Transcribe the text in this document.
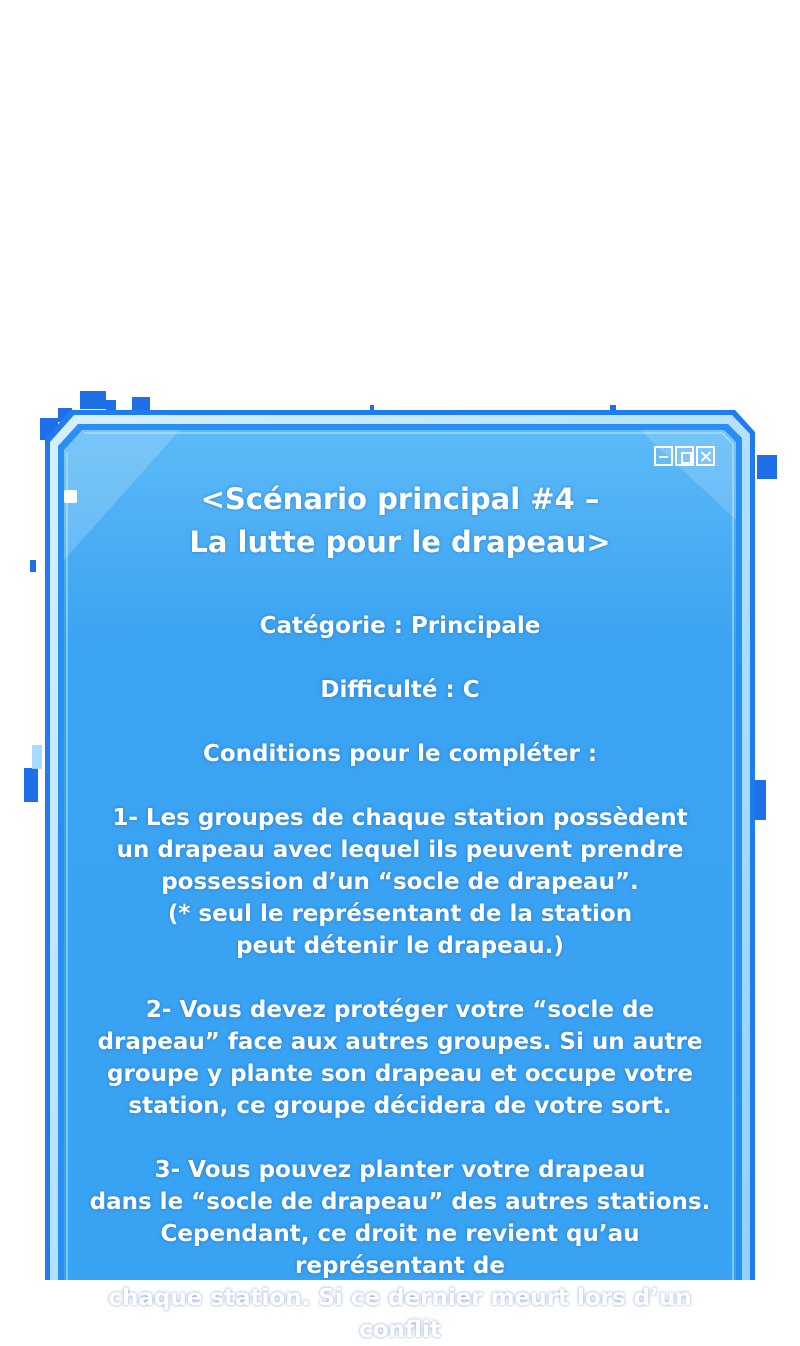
<Scénario principal #4 –
La lutte pour le drapeau>

Catégorie : Principale

Difficulté : C

Conditions pour le compléter :

1- Les groupes de chaque station possèdent

un drapeau avec lequel ils peuvent prendre

possession d’un “socle de drapeau”.

(* seul le représentant de la station

peut détenir le drapeau.)

2- Vous devez protéger votre “socle de

drapeau” face aux autres groupes. Si un autre

groupe y plante son drapeau et occupe votre

station, ce groupe décidera de votre sort.

3- Vous pouvez planter votre drapeau

dans le “socle de drapeau” des autres stations.

Cependant, ce droit ne revient qu’au représentant de

chaque station. Si ce dernier meurt lors d’un conflit
